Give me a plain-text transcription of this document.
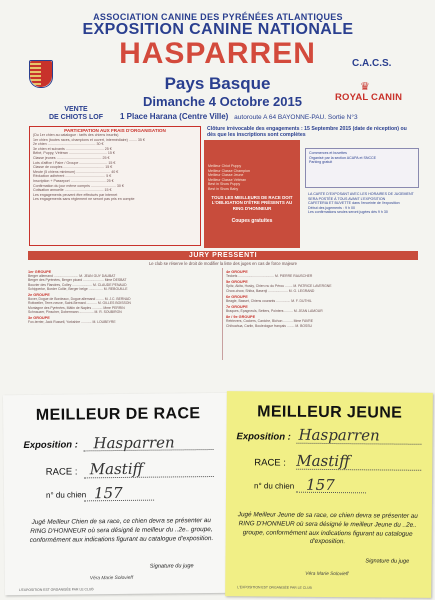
ASSOCIATION CANINE DES PYRÉNÉES ATLANTIQUES
EXPOSITION CANINE NATIONALE
HASPARREN
Pays Basque
Dimanche 4 Octobre 2015
1 Place Harana (Centre Ville) autoroute A 64 BAYONNE-PAU. Sortie N°3
C.A.C.S.
♛
ROYAL CANIN
VENTE
DE CHIOTS LOF
PARTICIPATION AUX FRAIS D'ORGANISATION
(Du 1er chien au catalogue : tarifs des chiens inscrits)
1er chien (toutes races, champions et ouvert, intermédiaire) ........ 35 €
2e chien ................................................ 30 €
3e chien et suivants ...................................... 25 €
Bébé, Puppy, Vétéran ...................................... 15 €
Classe jeunes ............................................. 25 €
Lots d'affixe / Paire / Groupe ............................ 15 €
Classe de couples ......................................... 15 €
Meute (5 chiens minimum) .................................. 40 €
Réduction adhérent ........................................ 5 €
Inscription + Passeport ................................... 25 €
Confirmation du jour même compris ......................... 30 €
Cotisation annuelle ....................................... 15 €
Les engagements peuvent être effectués par internet
Les engagements sans règlement ne seront pas pris en compte
Clôture irrévocable des engagements : 15 Septembre 2015 (date de réception) ou dès que les inscriptions sont complètes
Meilleur Chiot Puppy
Meilleur Classe Champion
Meilleur Classe Jeune
Meilleur Classe Vétéran
Best in Show Puppy
Best in Show Baby
TOUS LES MEILLEURS DE RACE DOIT L'OBLIGATION D'ÊTRE PRÉSENTS AU RING D'HONNEUR
Coupes gratuites
Commerces et buvettes
Organisé par la section ACAPA et SNCCE
Parking gratuit
LA CARTE D'EXPOSANT AVEC LES HORAIRES DE JUGEMENT SERA POSTÉE À TOUS AVANT L'EXPOSITION
CAFETERIA ET BUVETTE dans l'enceinte de l'exposition
Début des jugements : 9 h 00
Les confirmations seules seront jugées dès 9 h 30
JURY PRESSENTI
Le club se réserve le droit de modifier la liste des juges en cas de force majeure
1er GROUPE
Berger allemand .......................... M. JEAN GUY DAUBAT
Berger des Pyrénées, Berger picard ...................... Mme DESBAT
Bouvier des Flandres, Colley ..................... M. CLAUDE PENAUD
Schipperke, Border Collie, Berger belge ............... M. REBOUILLE
2e GROUPE
Boxer, Dogue de Bordeaux, Dogue allemand ........ M. J.C. BERNAD
Rottweiler, Terre-neuve, Saint-Bernard ........... M. GILLES BOISSON
Montagne des Pyrénées, Mâtin de Naples ........... Mme PERRIN
Schnauzer, Pinscher, Dobermann ............... M. R. SOUBIRON
3e GROUPE
Fox-terrier, Jack Russell, Yorkshire ........... M. LOUBEYRE
4e GROUPE
Teckels ...................................... M. PIERRE RAUSCHER
5e GROUPE
Spitz, Akita, Husky, Chien nu du Pérou ........ M. PATRICE LAVERGNE
Chow-chow, Shiba, Basenji ..................... M. G. LEGRAND
6e GROUPE
Beagle, Basset, Chiens courants ............... M. F. DUTHIL
7e GROUPE
Braques, Épagneuls, Setters, Pointers ......... M. JEAN LAMOUR
8e / 9e GROUPE
Retrievers, Cockers, Caniche, Bichon .......... Mme FAVRE
Chihuahua, Carlin, Bouledogue français ........ M. BOSSU
MEILLEUR DE RACE
Exposition : Hasparren
RACE : Mastiff
n° du chien 157
Jugé Meilleur Chien de sa race, ce chien devra se présenter au RING D'HONNEUR où sera désigné le meilleur du ..2e.. groupe, conformément aux indications figurant au catalogue d'exposition.
Signature du juge
Véra Marie Solovieff
L'EXPOSITION EST ORGANISÉE PAR LE CLUB
MEILLEUR JEUNE
Exposition : Hasparren
RACE : Mastiff
n° du chien 157
Jugé Meilleur Jeune de sa race, ce chien devra se présenter au RING D'HONNEUR où sera désigné le meilleur Jeune du ..2e.. groupe, conformément aux indications figurant au catalogue d'exposition.
Signature du juge
Véra Marie Solovieff
L'EXPOSITION EST ORGANISÉE PAR LE CLUB
